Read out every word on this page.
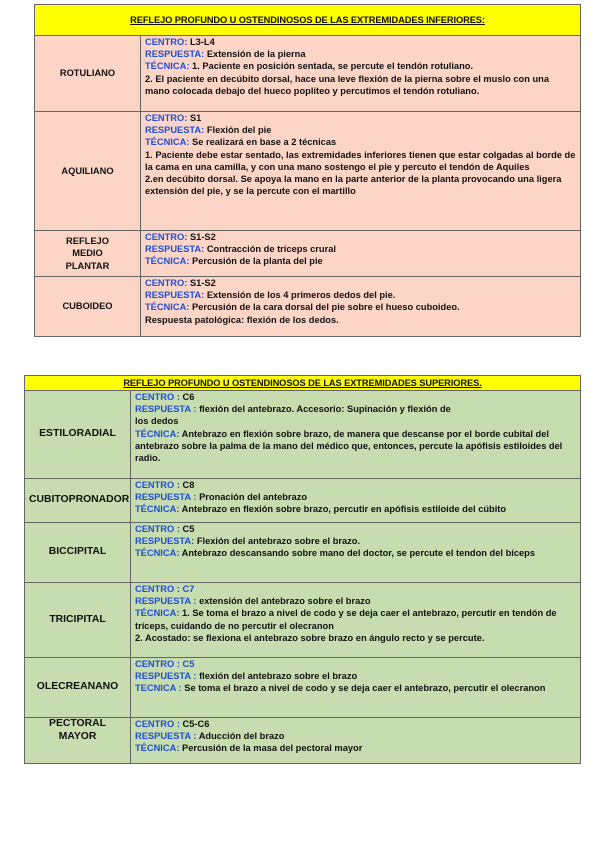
REFLEJO PROFUNDO U OSTENDINOSOS DE LAS EXTREMIDADES INFERIORES:	

ROTULIANO	CENTRO: L3-L4
RESPUESTA: Extensión de la pierna
TÉCNICA: 1. Paciente en posición sentada, se percute el tendón rotuliano.
2. El paciente en decúbito dorsal, hace una leve flexión de la pierna sobre el muslo con una mano colocada debajo del hueco poplíteo y percutimos el tendón rotuliano.

AQUILIANO	CENTRO: S1
RESPUESTA: Flexión del pie
TÉCNICA: Se realizará en base a 2 técnicas
1. Paciente debe estar sentado, las extremidades inferiores tienen que estar colgadas al borde de la cama en una camilla, y con una mano sostengo el pie y percuto el tendón de Aquiles
2.en decúbito dorsal. Se apoya la mano en la parte anterior de la planta provocando una ligera extensión del pie, y se la percute con el martillo

REFLEJO
MEDIO
PLANTAR	CENTRO: S1-S2
RESPUESTA: Contracción de tríceps crural
TÉCNICA: Percusión de la planta del pie

CUBOIDEO	CENTRO: S1-S2
RESPUESTA: Extensión de los 4 primeros dedos del pie.
TÉCNICA: Percusión de la cara dorsal del pie sobre el hueso cuboideo.
Respuesta patológica: flexión de los dedos.
REFLEJO PROFUNDO U OSTENDINOSOS DE LAS EXTREMIDADES SUPERIORES.	

ESTILORADIAL	CENTRO : C6
RESPUESTA : flexión del antebrazo. Accesorio: Supinación y flexión de
los dedos
TÉCNICA: Antebrazo en flexión sobre brazo, de manera que descanse por el borde cubital del antebrazo sobre la palma de la mano del médico que, entonces, percute la apófisis estiloides del radio.

CUBITOPRONADOR	CENTRO : C8
RESPUESTA : Pronación del antebrazo
TÉCNICA: Antebrazo en flexión sobre brazo, percutir en apófisis estiloide del cúbito

BICCIPITAL	CENTRO : C5
RESPUESTA: Flexión del antebrazo sobre el brazo.
TÉCNICA: Antebrazo descansando sobre mano del doctor, se percute el tendon del bíceps

TRICIPITAL	CENTRO : C7
RESPUESTA : extensión del antebrazo sobre el brazo
TÉCNICA: 1. Se toma el brazo a nivel de codo y se deja caer el antebrazo, percutir en tendón de tríceps, cuidando de no percutir el olecranon
2. Acostado: se flexiona el antebrazo sobre brazo en ángulo recto y se percute.

OLECREANANO	CENTRO : C5
RESPUESTA : flexión del antebrazo sobre el brazo
TECNICA : Se toma el brazo a nivel de codo y se deja caer el antebrazo, percutir el olecranon

PECTORAL MAYOR	CENTRO : C5-C6
RESPUESTA : Aducción del brazo
TÉCNICA: Percusión de la masa del pectoral mayor
